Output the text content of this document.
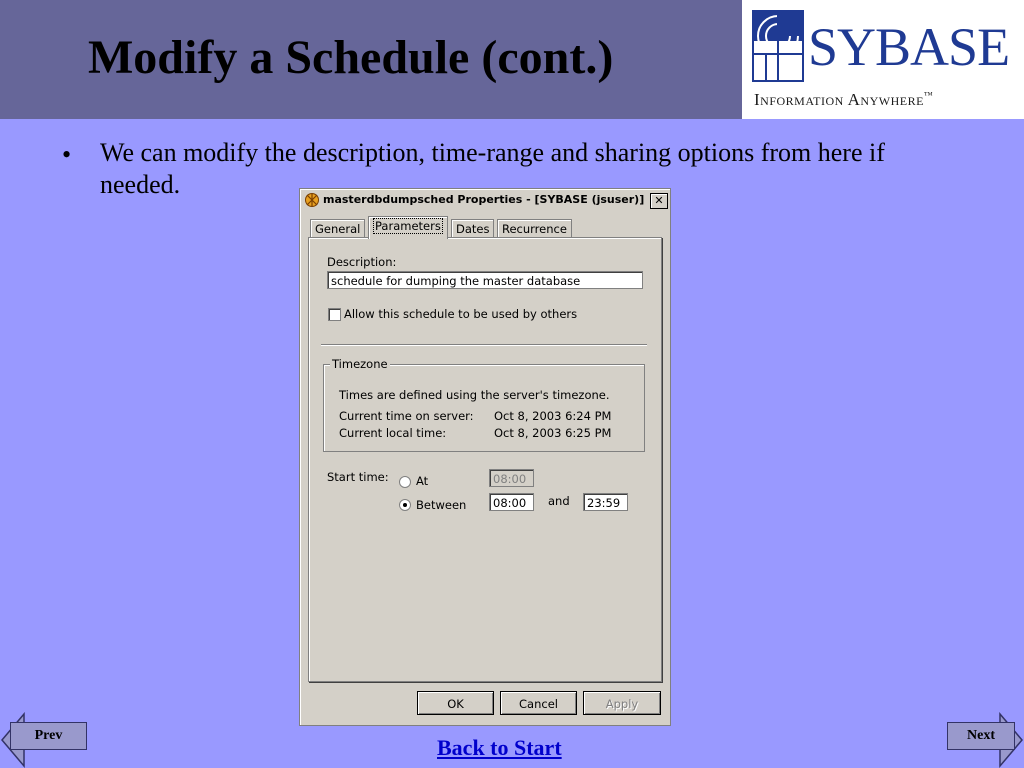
Modify a Schedule (cont.)	SYBASE
Information Anywhere™
• We can modify the description, time-range and sharing options from here if needed.
masterdbdumpsched Properties - [SYBASE (jsuser)] ✕
General	Parameters	Dates	Recurrence
Description:
schedule for dumping the master database
Allow this schedule to be used by others
Timezone
Times are defined using the server's timezone.
Current time on server: Oct 8, 2003 6:24 PM
Current local time:	Oct 8, 2003 6:25 PM
Start time: At	08:00
Between	08:00	and	23:59
OK	Cancel	Apply
Prev	Next
Back to Start
